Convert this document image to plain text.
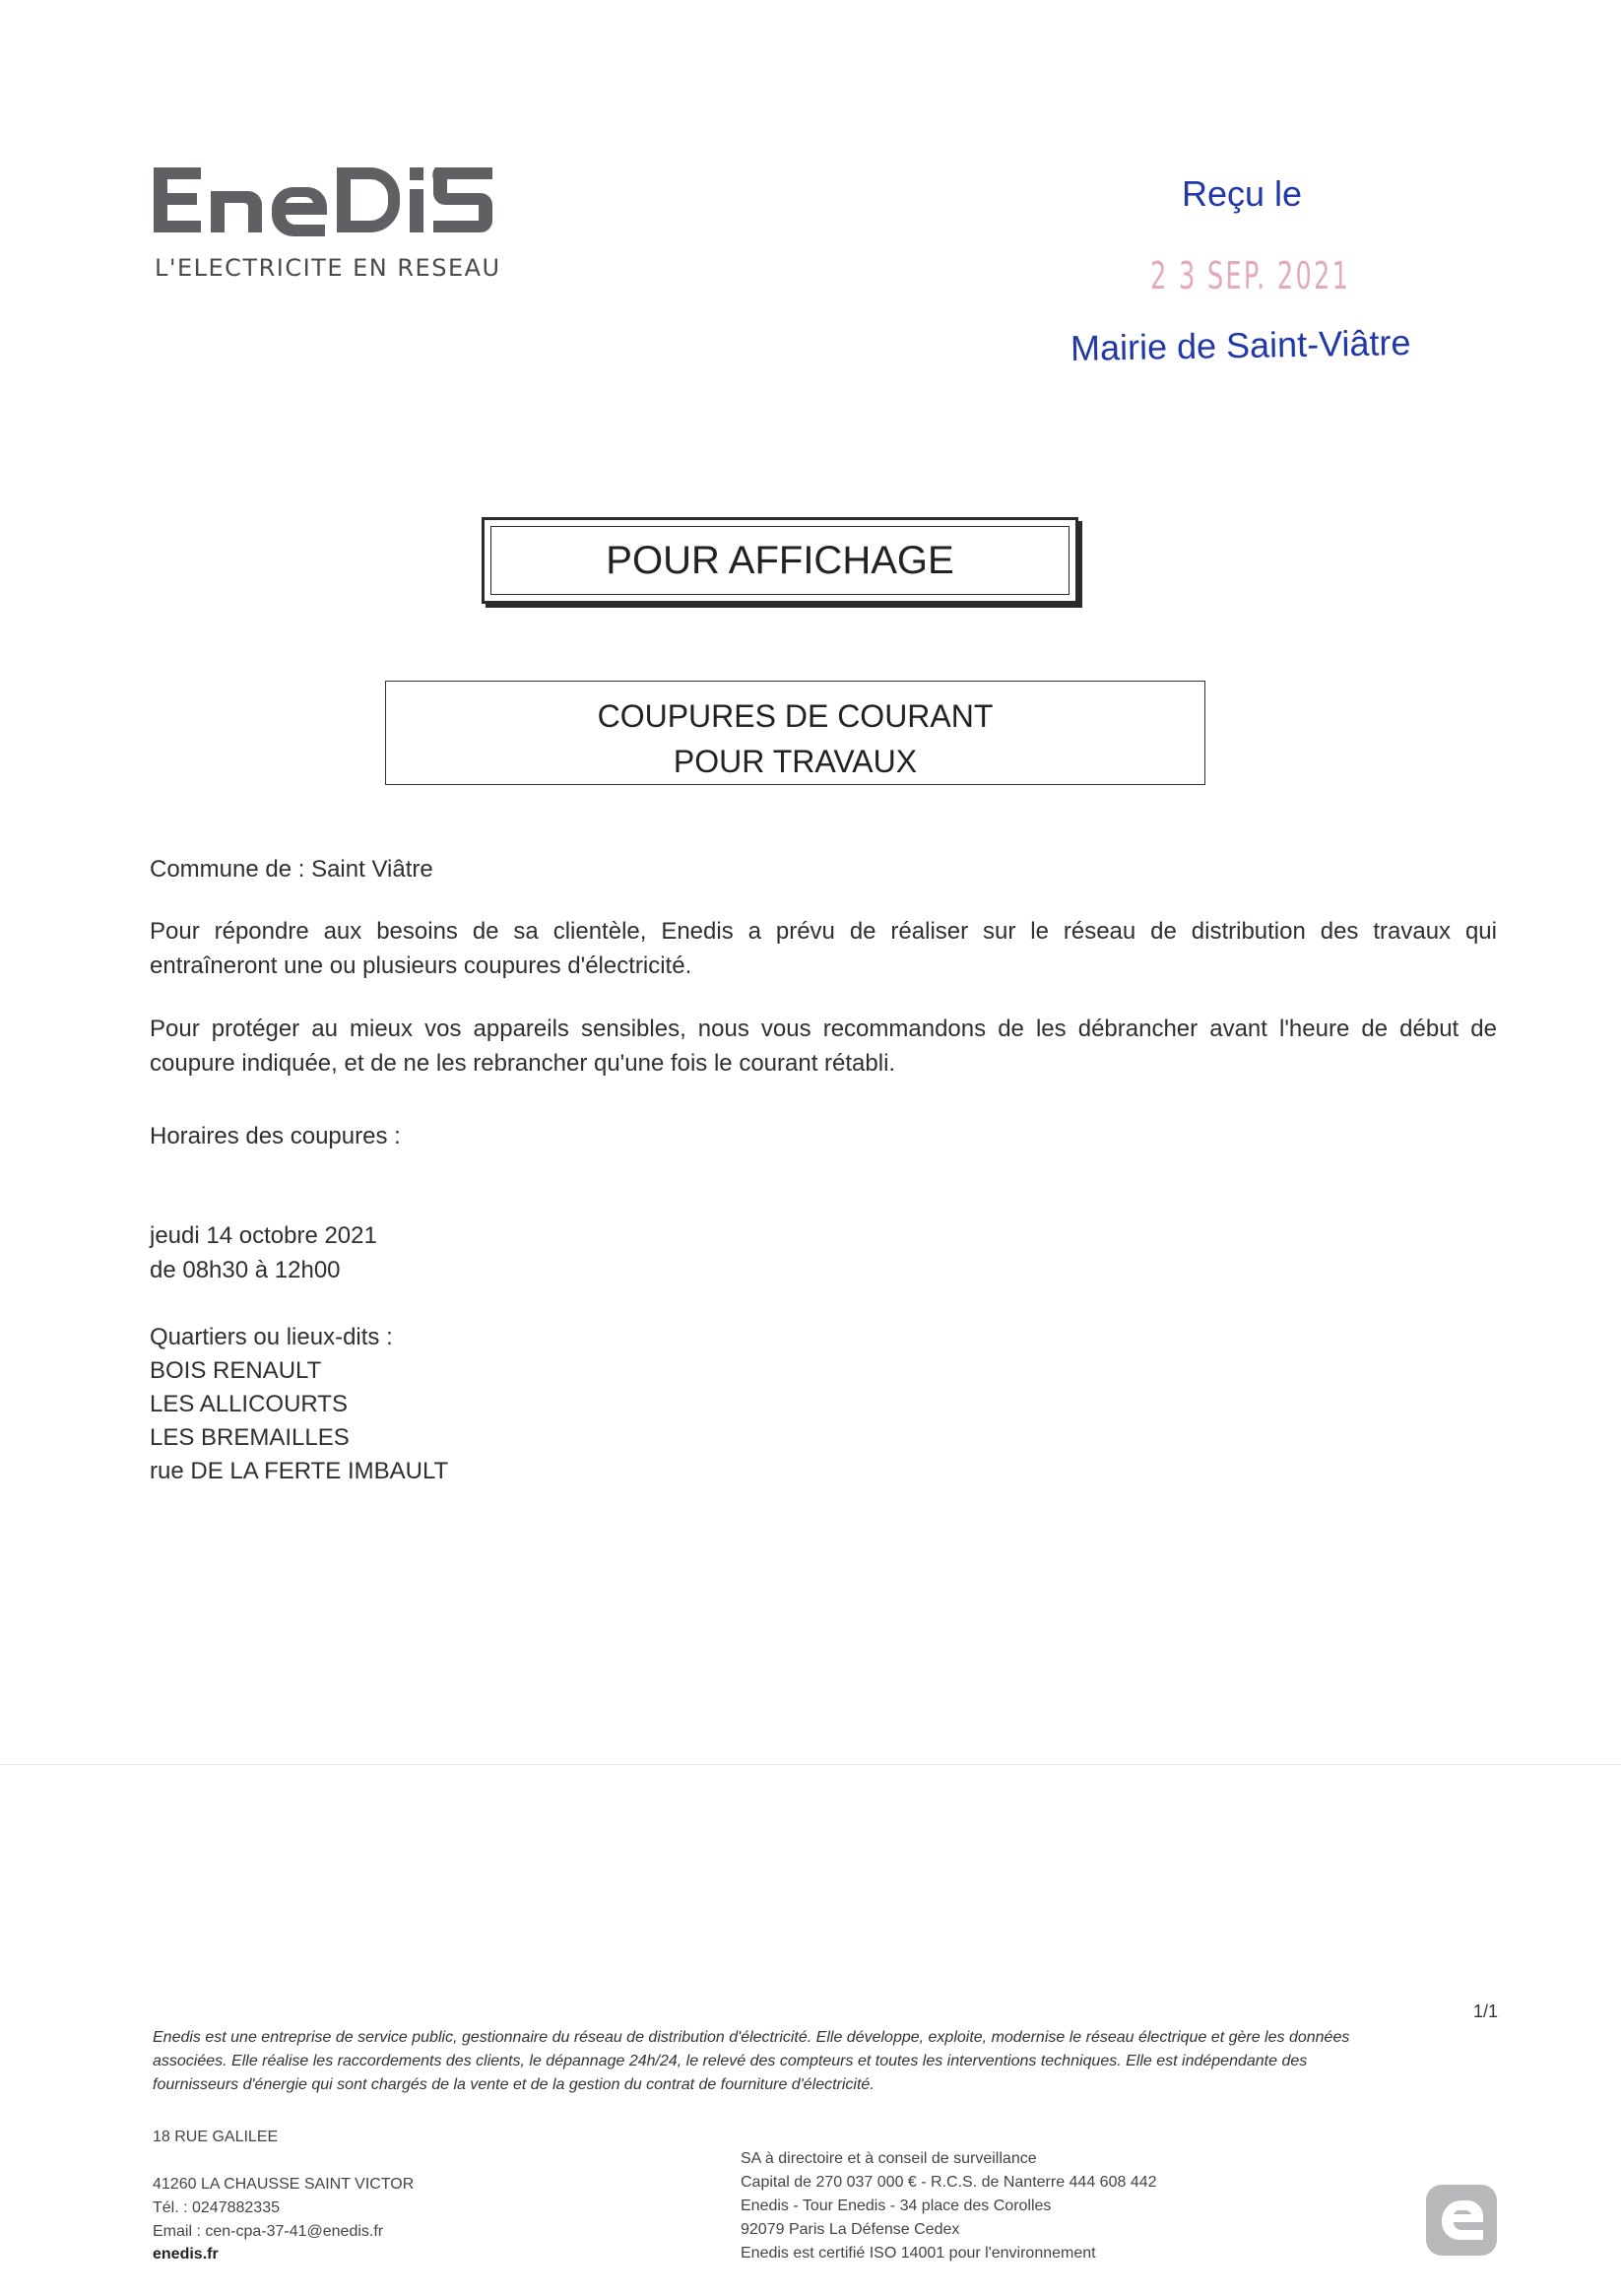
L'ELECTRICITE EN RESEAU
Reçu le
2 3 SEP. 2021
Mairie de Saint-Viâtre
POUR AFFICHAGE
COUPURES DE COURANT
POUR TRAVAUX
Commune de : Saint Viâtre
Pour répondre aux besoins de sa clientèle, Enedis a prévu de réaliser sur le réseau de distribution des travaux qui
entraîneront une ou plusieurs coupures d'électricité.
Pour protéger au mieux vos appareils sensibles, nous vous recommandons de les débrancher avant l'heure de début de
coupure indiquée, et de ne les rebrancher qu'une fois le courant rétabli.
Horaires des coupures :
jeudi 14 octobre 2021
de 08h30 à 12h00
Quartiers ou lieux-dits :
BOIS RENAULT
LES ALLICOURTS
LES BREMAILLES
rue DE LA FERTE IMBAULT
1/1
Enedis est une entreprise de service public, gestionnaire du réseau de distribution d'électricité. Elle développe, exploite, modernise le réseau électrique et gère les données
associées. Elle réalise les raccordements des clients, le dépannage 24h/24, le relevé des compteurs et toutes les interventions techniques. Elle est indépendante des
fournisseurs d'énergie qui sont chargés de la vente et de la gestion du contrat de fourniture d'électricité.
18 RUE GALILEE
41260 LA CHAUSSE SAINT VICTOR
Tél. : 0247882335
Email : cen-cpa-37-41@enedis.fr
enedis.fr
SA à directoire et à conseil de surveillance
Capital de 270 037 000 € - R.C.S. de Nanterre 444 608 442
Enedis - Tour Enedis - 34 place des Corolles
92079 Paris La Défense Cedex
Enedis est certifié ISO 14001 pour l'environnement
